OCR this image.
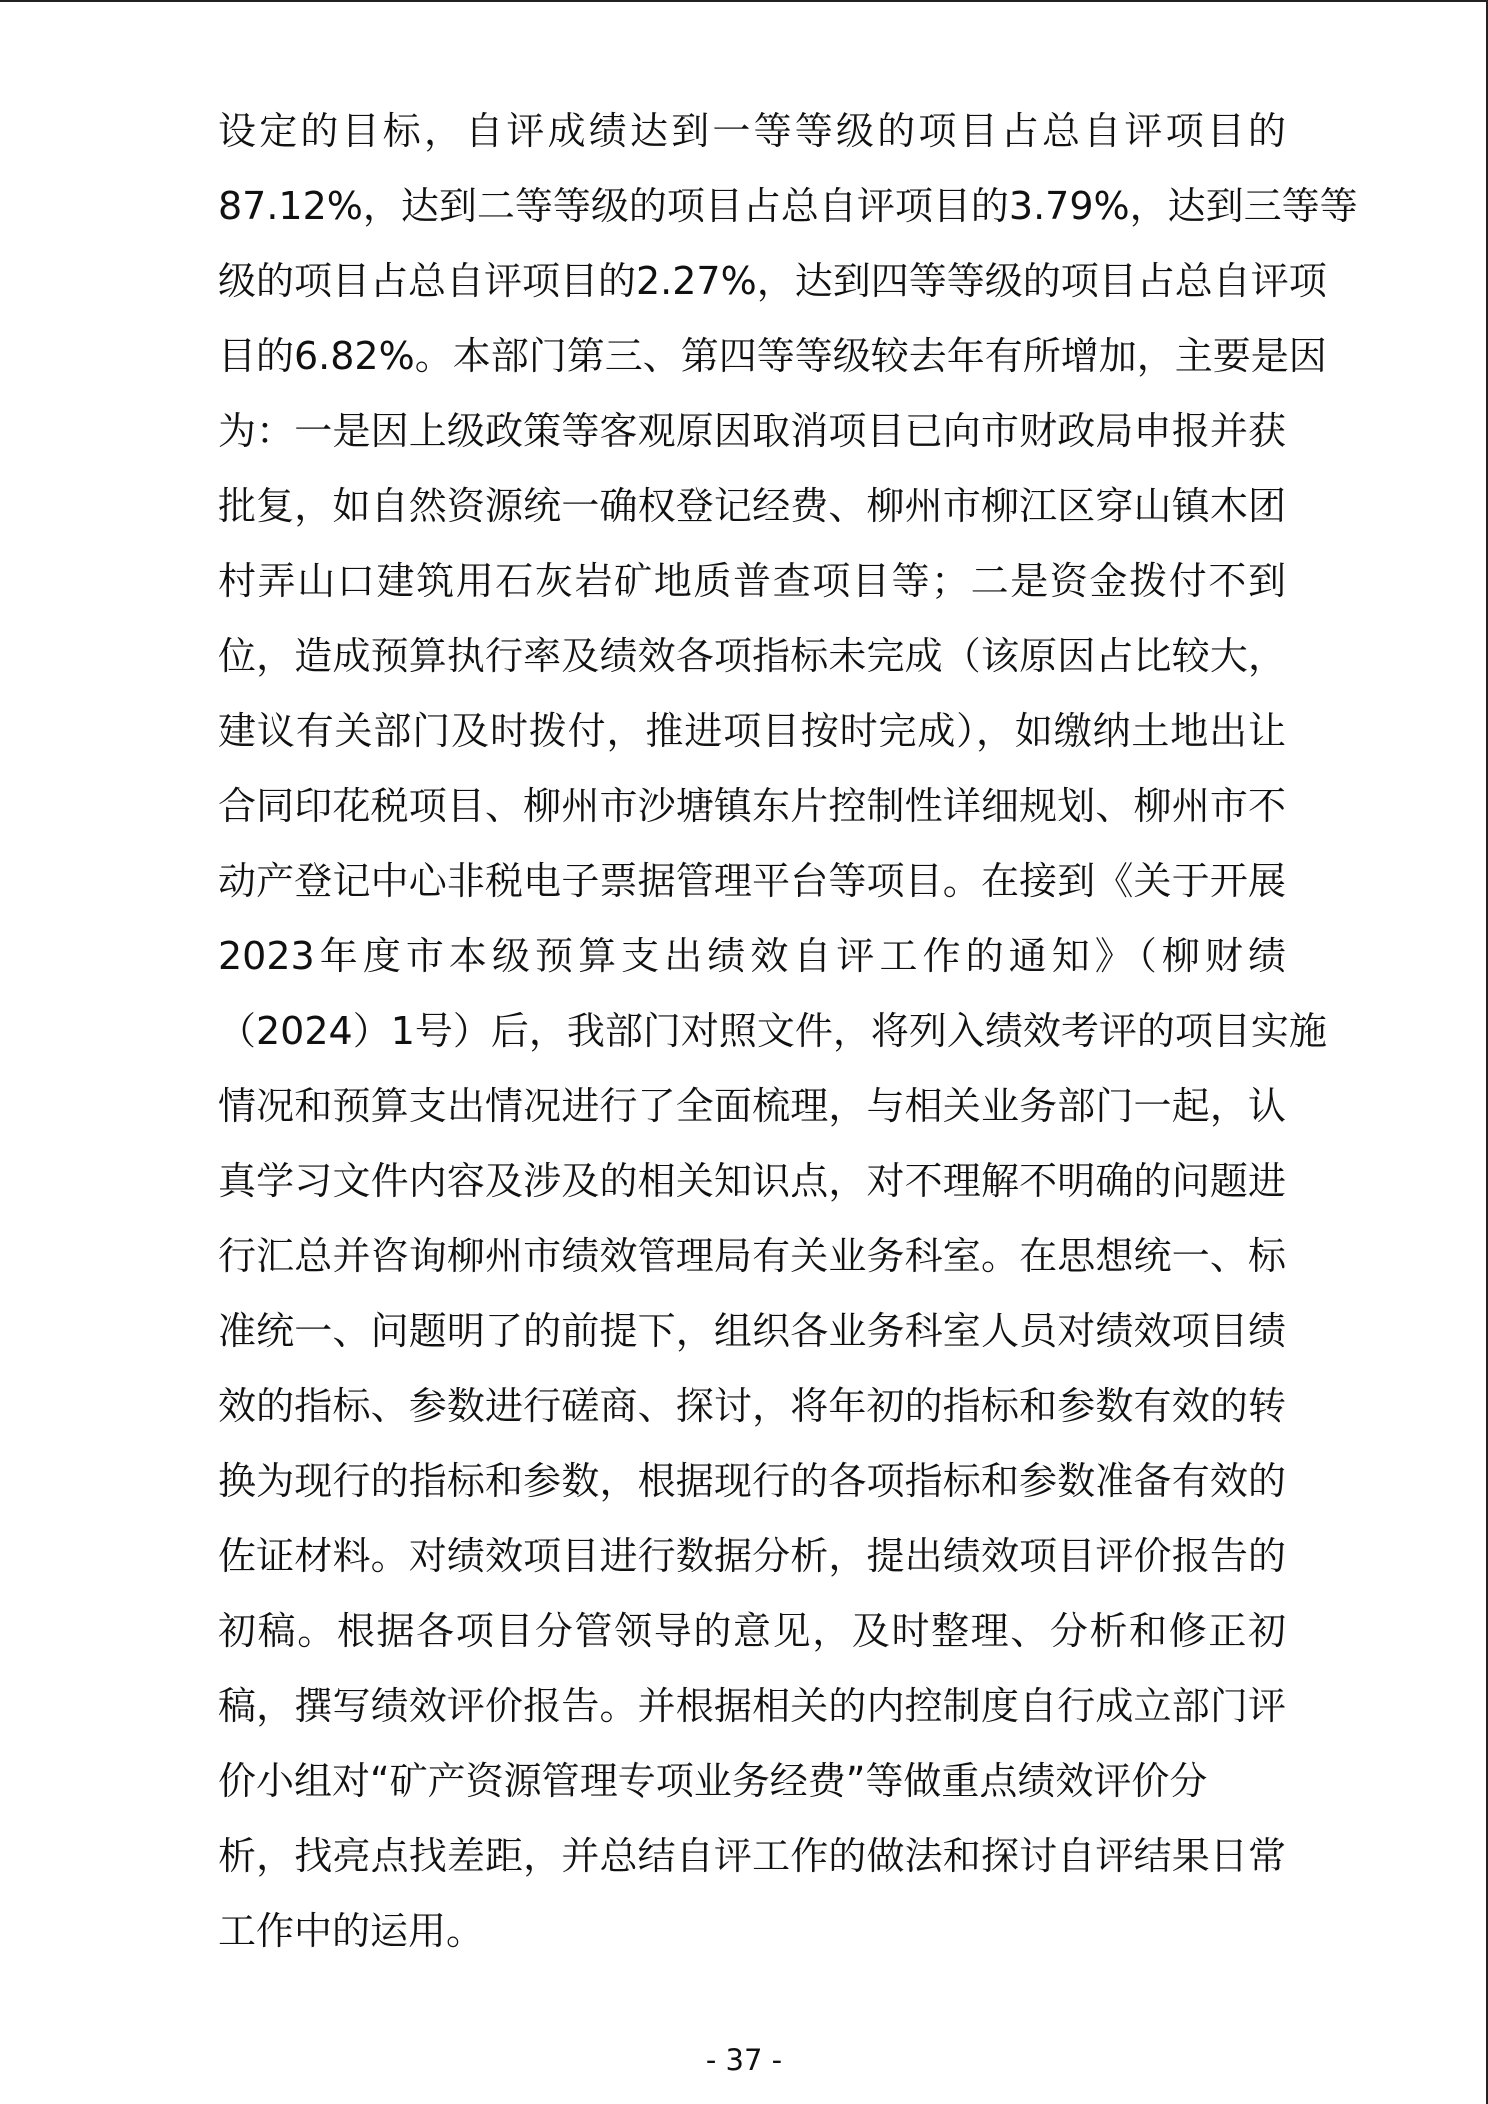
设定的目标，自评成绩达到一等等级的项目占总自评项目的
87.12%，达到二等等级的项目占总自评项目的3.79%，达到三等等
级的项目占总自评项目的2.27%，达到四等等级的项目占总自评项
目的6.82%。本部门第三、第四等等级较去年有所增加，主要是因
为：一是因上级政策等客观原因取消项目已向市财政局申报并获
批复，如自然资源统一确权登记经费、柳州市柳江区穿山镇木团
村弄山口建筑用石灰岩矿地质普查项目等；二是资金拨付不到
位，造成预算执行率及绩效各项指标未完成（该原因占比较大，
建议有关部门及时拨付，推进项目按时完成），如缴纳土地出让
合同印花税项目、柳州市沙塘镇东片控制性详细规划、柳州市不
动产登记中心非税电子票据管理平台等项目。在接到《关于开展
2023年度市本级预算支出绩效自评工作的通知》（柳财绩
（2024）1号）后，我部门对照文件，将列入绩效考评的项目实施
情况和预算支出情况进行了全面梳理，与相关业务部门一起，认
真学习文件内容及涉及的相关知识点，对不理解不明确的问题进
行汇总并咨询柳州市绩效管理局有关业务科室。在思想统一、标
准统一、问题明了的前提下，组织各业务科室人员对绩效项目绩
效的指标、参数进行磋商、探讨，将年初的指标和参数有效的转
换为现行的指标和参数，根据现行的各项指标和参数准备有效的
佐证材料。对绩效项目进行数据分析，提出绩效项目评价报告的
初稿。根据各项目分管领导的意见，及时整理、分析和修正初
稿，撰写绩效评价报告。并根据相关的内控制度自行成立部门评
价小组对“矿产资源管理专项业务经费”等做重点绩效评价分
析，找亮点找差距，并总结自评工作的做法和探讨自评结果日常
工作中的运用。
- 37 -
